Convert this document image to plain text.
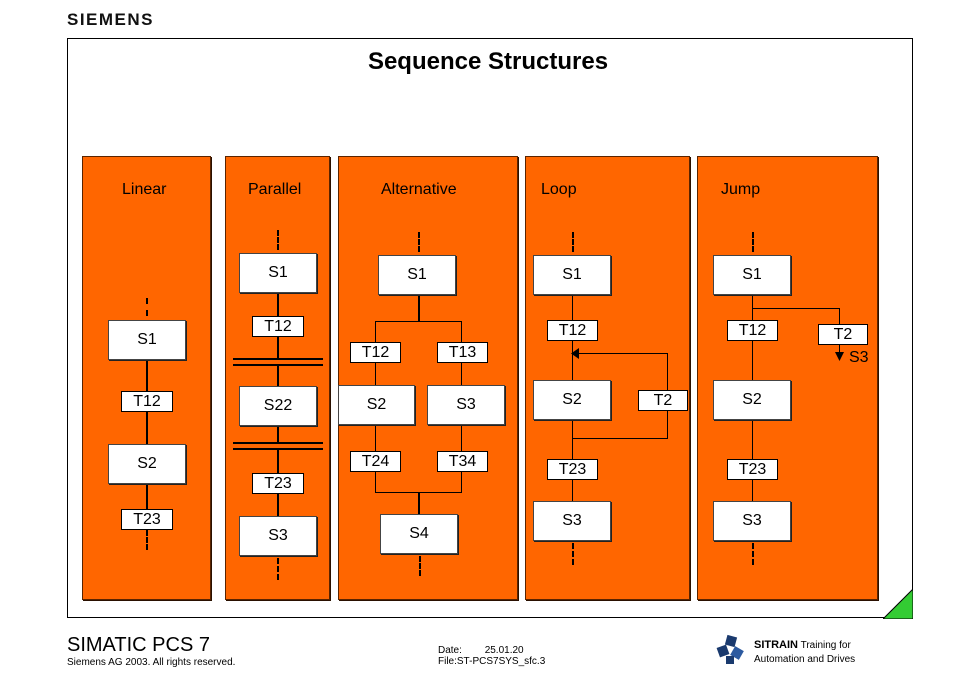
SIEMENS
Sequence Structures
Linear
S1
T12
S2
T23
Parallel
S1
T12
S22
T23
S3
Alternative
S1
T12	T13
S2	S3
T24	T34
S4
Loop
S1
T12
S2	T2
T23
S3
Jump
S1
T12	T2
S3
S2
T23
S3
SIMATIC PCS 7
Siemens AG 2003. All rights reserved.
Date: 25.01.20
File:ST-PCS7SYS_sfc.3
SITRAIN Training for
Automation and Drives
